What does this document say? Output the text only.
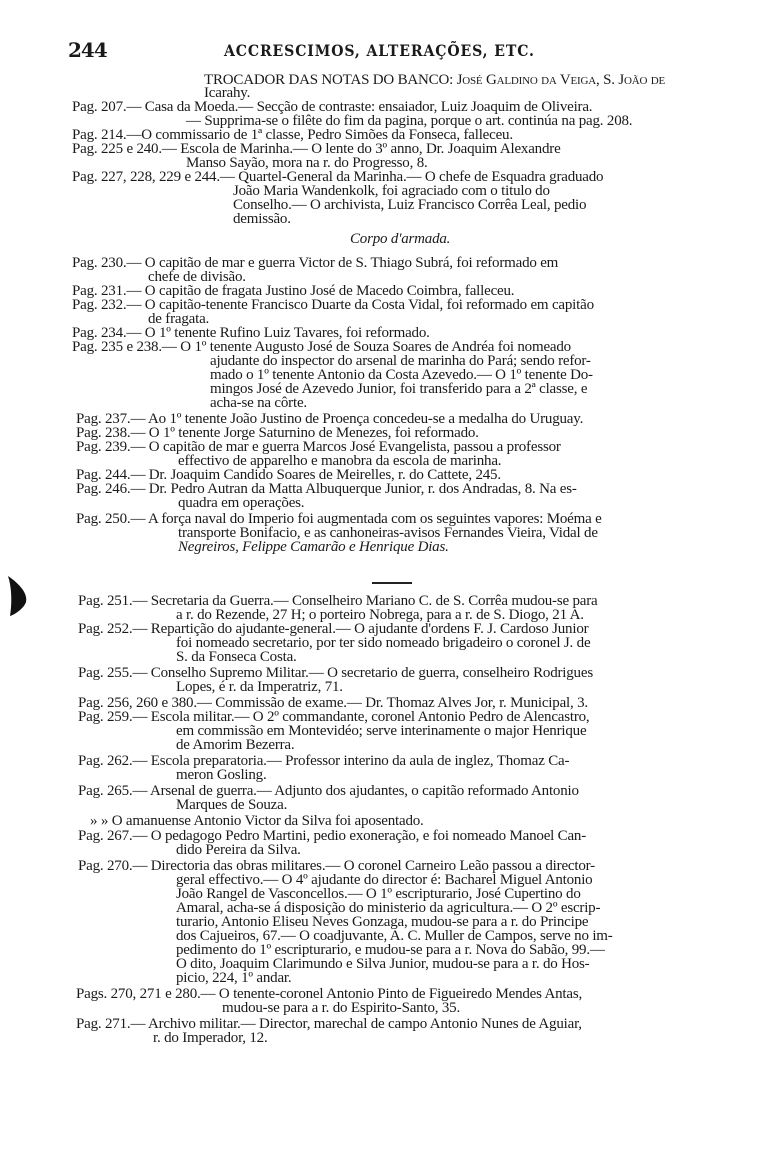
244	ACCRESCIMOS, ALTERAÇÕES, ETC.
TROCADOR DAS NOTAS DO BANCO: José Galdino da Veiga, S. João de
Icarahy.
Pag. 207.— Casa da Moeda.— Secção de contraste: ensaiador, Luiz Joaquim de Oliveira.
— Supprima-se o filête do fim da pagina, porque o art. continúa na pag. 208.
Pag. 214.—O commissario de 1ª classe, Pedro Simões da Fonseca, falleceu.
Pag. 225 e 240.— Escola de Marinha.— O lente do 3º anno, Dr. Joaquim Alexandre
Manso Sayão, mora na r. do Progresso, 8.
Pag. 227, 228, 229 e 244.— Quartel-General da Marinha.— O chefe de Esquadra graduado
João Maria Wandenkolk, foi agraciado com o titulo do
Conselho.— O archivista, Luiz Francisco Corrêa Leal, pedio
demissão.
Corpo d'armada.
Pag. 230.— O capitão de mar e guerra Victor de S. Thiago Subrá, foi reformado em
chefe de divisão.
Pag. 231.— O capitão de fragata Justino José de Macedo Coimbra, falleceu.
Pag. 232.— O capitão-tenente Francisco Duarte da Costa Vidal, foi reformado em capitão
de fragata.
Pag. 234.— O 1º tenente Rufino Luiz Tavares, foi reformado.
Pag. 235 e 238.— O 1º tenente Augusto José de Souza Soares de Andréa foi nomeado
ajudante do inspector do arsenal de marinha do Pará; sendo refor-
mado o 1º tenente Antonio da Costa Azevedo.— O 1º tenente Do-
mingos José de Azevedo Junior, foi transferido para a 2ª classe, e
acha-se na côrte.
Pag. 237.— Ao 1º tenente João Justino de Proença concedeu-se a medalha do Uruguay.
Pag. 238.— O 1º tenente Jorge Saturnino de Menezes, foi reformado.
Pag. 239.— O capitão de mar e guerra Marcos José Evangelista, passou a professor
effectivo de apparelho e manobra da escola de marinha.
Pag. 244.— Dr. Joaquim Candido Soares de Meirelles, r. do Cattete, 245.
Pag. 246.— Dr. Pedro Autran da Matta Albuquerque Junior, r. dos Andradas, 8. Na es-
quadra em operações.
Pag. 250.— A força naval do Imperio foi augmentada com os seguintes vapores: Moéma e
transporte Bonifacio, e as canhoneiras-avisos Fernandes Vieira, Vidal de
Negreiros, Felippe Camarão e Henrique Dias.
Pag. 251.— Secretaria da Guerra.— Conselheiro Mariano C. de S. Corrêa mudou-se para
a r. do Rezende, 27 H; o porteiro Nobrega, para a r. de S. Diogo, 21 A.
Pag. 252.— Repartição do ajudante-general.— O ajudante d'ordens F. J. Cardoso Junior
foi nomeado secretario, por ter sido nomeado brigadeiro o coronel J. de
S. da Fonseca Costa.
Pag. 255.— Conselho Supremo Militar.— O secretario de guerra, conselheiro Rodrigues
Lopes, é r. da Imperatriz, 71.
Pag. 256, 260 e 380.— Commissão de exame.— Dr. Thomaz Alves Jor, r. Municipal, 3.
Pag. 259.— Escola militar.— O 2º commandante, coronel Antonio Pedro de Alencastro,
em commissão em Montevidéo; serve interinamente o major Henrique
de Amorim Bezerra.
Pag. 262.— Escola preparatoria.— Professor interino da aula de inglez, Thomaz Ca-
meron Gosling.
Pag. 265.— Arsenal de guerra.— Adjunto dos ajudantes, o capitão reformado Antonio
Marques de Souza.
» » O amanuense Antonio Victor da Silva foi aposentado.
Pag. 267.— O pedagogo Pedro Martini, pedio exoneração, e foi nomeado Manoel Can-
dido Pereira da Silva.
Pag. 270.— Directoria das obras militares.— O coronel Carneiro Leão passou a director-
geral effectivo.— O 4º ajudante do director é: Bacharel Miguel Antonio
João Rangel de Vasconcellos.— O 1º escripturario, José Cupertino do
Amaral, acha-se á disposição do ministerio da agricultura.— O 2º escrip-
turario, Antonio Eliseu Neves Gonzaga, mudou-se para a r. do Principe
dos Cajueiros, 67.— O coadjuvante, A. C. Muller de Campos, serve no im-
pedimento do 1º escripturario, e mudou-se para a r. Nova do Sabão, 99.—
O dito, Joaquim Clarimundo e Silva Junior, mudou-se para a r. do Hos-
picio, 224, 1º andar.
Pags. 270, 271 e 280.— O tenente-coronel Antonio Pinto de Figueiredo Mendes Antas,
mudou-se para a r. do Espirito-Santo, 35.
Pag. 271.— Archivo militar.— Director, marechal de campo Antonio Nunes de Aguiar,
r. do Imperador, 12.
